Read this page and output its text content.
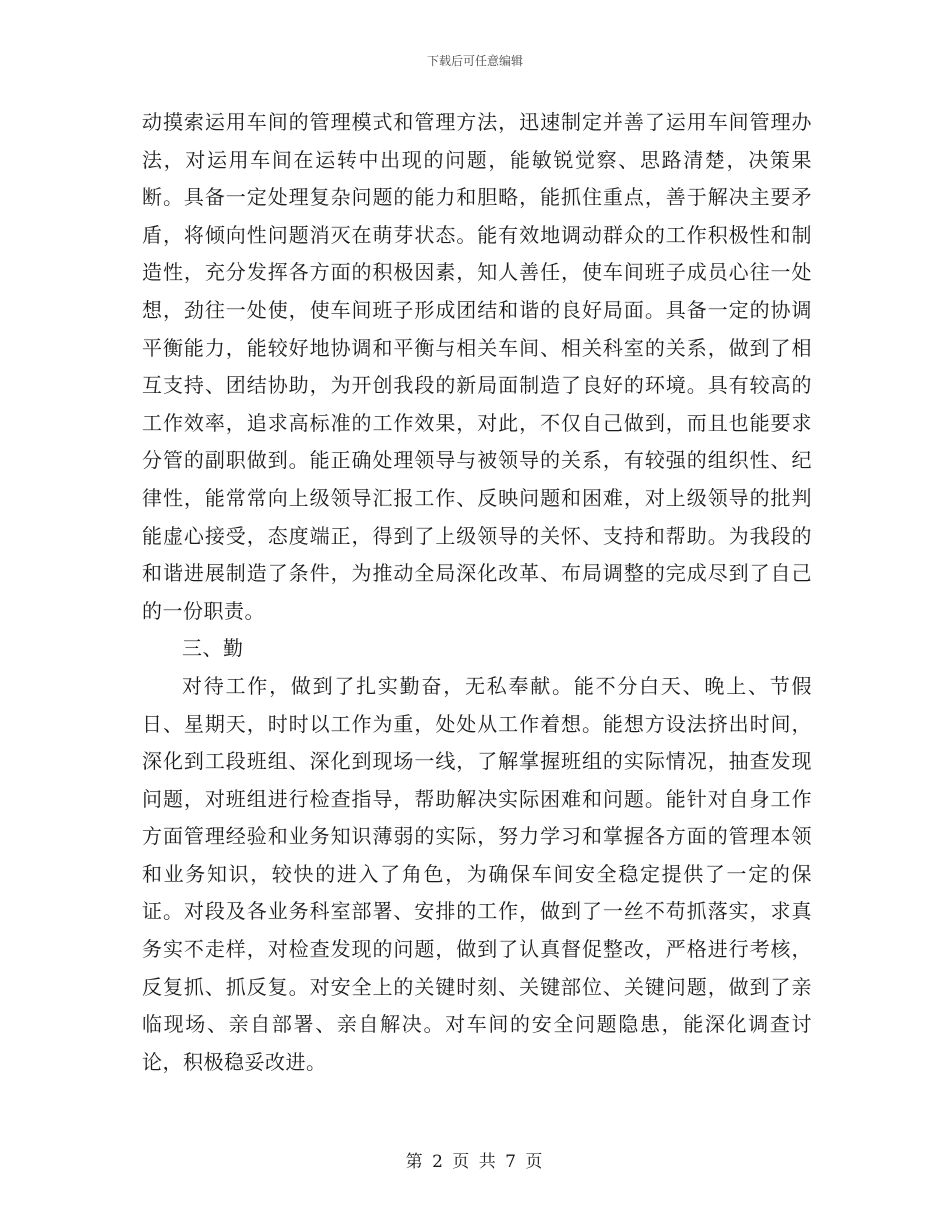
下载后可任意编辑

动摸索运用车间的管理模式和管理方法，迅速制定并善了运用车间管理办法，对运用车间在运转中出现的问题，能敏锐觉察、思路清楚，决策果断。具备一定处理复杂问题的能力和胆略，能抓住重点，善于解决主要矛盾，将倾向性问题消灭在萌芽状态。能有效地调动群众的工作积极性和制造性，充分发挥各方面的积极因素，知人善任，使车间班子成员心往一处想，劲往一处使，使车间班子形成团结和谐的良好局面。具备一定的协调平衡能力，能较好地协调和平衡与相关车间、相关科室的关系，做到了相互支持、团结协助，为开创我段的新局面制造了良好的环境。具有较高的工作效率，追求高标准的工作效果，对此，不仅自己做到，而且也能要求分管的副职做到。能正确处理领导与被领导的关系，有较强的组织性、纪律性，能常常向上级领导汇报工作、反映问题和困难，对上级领导的批判能虚心接受，态度端正，得到了上级领导的关怀、支持和帮助。为我段的和谐进展制造了条件，为推动全局深化改革、布局调整的完成尽到了自己的一份职责。

三、勤

对待工作，做到了扎实勤奋，无私奉献。能不分白天、晚上、节假日、星期天，时时以工作为重，处处从工作着想。能想方设法挤出时间，深化到工段班组、深化到现场一线，了解掌握班组的实际情况，抽查发现问题，对班组进行检查指导，帮助解决实际困难和问题。能针对自身工作方面管理经验和业务知识薄弱的实际，努力学习和掌握各方面的管理本领和业务知识，较快的进入了角色，为确保车间安全稳定提供了一定的保证。对段及各业务科室部署、安排的工作，做到了一丝不苟抓落实，求真务实不走样，对检查发现的问题，做到了认真督促整改，严格进行考核，反复抓、抓反复。对安全上的关键时刻、关键部位、关键问题，做到了亲临现场、亲自部署、亲自解决。对车间的安全问题隐患，能深化调查讨论，积极稳妥改进。

第 2 页 共 7 页
